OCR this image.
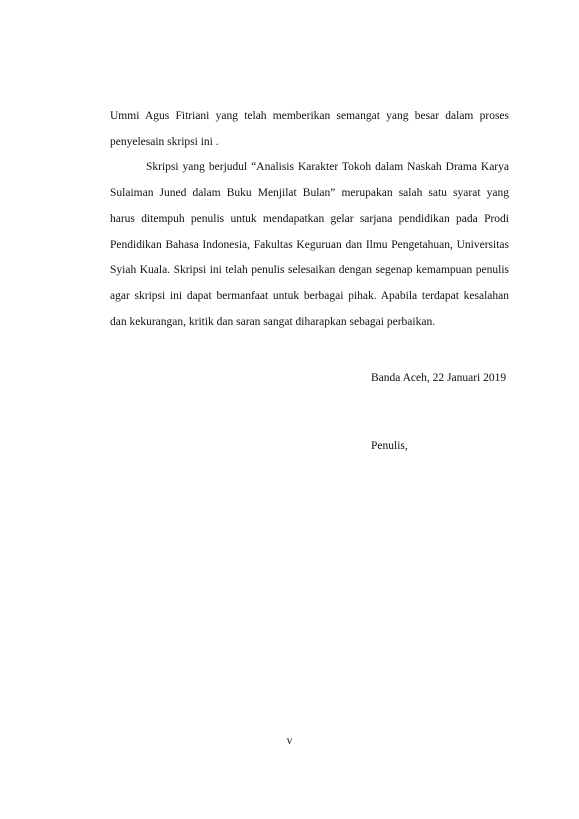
Ummi Agus Fitriani yang telah memberikan semangat yang besar dalam proses
penyelesain skripsi ini .

Skripsi yang berjudul “Analisis Karakter Tokoh dalam Naskah Drama Karya
Sulaiman Juned dalam Buku Menjilat Bulan” merupakan salah satu syarat yang
harus ditempuh penulis untuk mendapatkan gelar sarjana pendidikan pada Prodi
Pendidikan Bahasa Indonesia, Fakultas Keguruan dan Ilmu Pengetahuan, Universitas
Syiah Kuala. Skripsi ini telah penulis selesaikan dengan segenap kemampuan penulis
agar skripsi ini dapat bermanfaat untuk berbagai pihak. Apabila terdapat kesalahan
dan kekurangan, kritik dan saran sangat diharapkan sebagai perbaikan.

Banda Aceh, 22 Januari 2019
Penulis,
v
